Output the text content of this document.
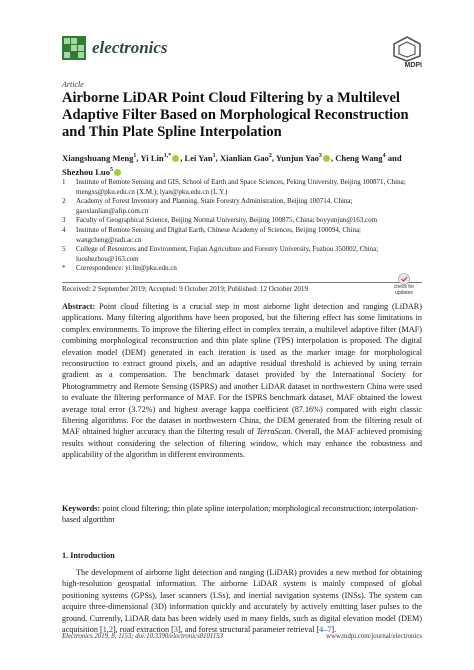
electronics
MDPI
Article
Airborne LiDAR Point Cloud Filtering by a Multilevel Adaptive Filter Based on Morphological Reconstruction and Thin Plate Spline Interpolation
Xiangshuang Meng$^1$, Yi Lin$^{1,*}$ , Lei Yan$^1$, Xianlian Gao$^2$, Yunjun Yao$^3$ , Cheng Wang$^4$ and Shezhou Luo$^5$
1	Institute of Remote Sensing and GIS, School of Earth and Space Sciences, Peking University, Beijing 100871, China; mengxs@pku.edu.cn (X.M.); lyan@pku.edu.cn (L.Y.)
2	Academy of Forest Inventory and Planning, State Forestry Administration, Beijing 100714, China; gaoxianlian@afip.com.cn
3	Faculty of Geographical Science, Beijing Normal University, Beijing 100875, China; boyyunjun@163.com
4	Institute of Remote Sensing and Digital Earth, Chinese Academy of Sciences, Beijing 100094, China; wangcheng@radi.ac.cn
5	College of Resources and Environment, Fujian Agriculture and Forestry University, Fuzhou 350002, China; luoshezhou@163.com
*	Correspondence: yi.lin@pku.edu.cn
Received: 2 September 2019; Accepted: 9 October 2019; Published: 12 October 2019	check for updates
Abstract: Point cloud filtering is a crucial step in most airborne light detection and ranging (LiDAR) applications. Many filtering algorithms have been proposed, but the filtering effect has some limitations in complex environments. To improve the filtering effect in complex terrain, a multilevel adaptive filter (MAF) combining morphological reconstruction and thin plate spline (TPS) interpolation is proposed. The digital elevation model (DEM) generated in each iteration is used as the marker image for morphological reconstruction to extract ground pixels, and an adaptive residual threshold is achieved by using terrain gradient as a compensation. The benchmark dataset provided by the International Society for Photogrammetry and Remote Sensing (ISPRS) and another LiDAR dataset in northwestern China were used to evaluate the filtering performance of MAF. For the ISPRS benchmark dataset, MAF obtained the lowest average total error (3.72%) and highest average kappa coefficient (87.16%) compared with eight classic filtering algorithms. For the dataset in northwestern China, the DEM generated from the filtering result of MAF obtained higher accuracy than the filtering result of TerraScan. Overall, the MAF achieved promising results without considering the selection of filtering window, which may enhance the robustness and applicability of the algorithm in different environments.
Keywords: point cloud filtering; thin plate spline interpolation; morphological reconstruction; interpolation-based algorithm
1. Introduction
The development of airborne light detection and ranging (LiDAR) provides a new method for obtaining high-resolution geospatial information. The airborne LiDAR system is mainly composed of global positioning systems (GPSs), laser scanners (LSs), and inertial navigation systems (INSs). The system can acquire three-dimensional (3D) information quickly and accurately by actively emitting laser pulses to the ground. Currently, LiDAR data has been widely used in many fields, such as digital elevation model (DEM) acquisition [1,2], road extraction [3], and forest structural parameter retrieval [4–7].
Electronics 2019, 8, 1153; doi:10.3390/electronics8101153	www.mdpi.com/journal/electronics
